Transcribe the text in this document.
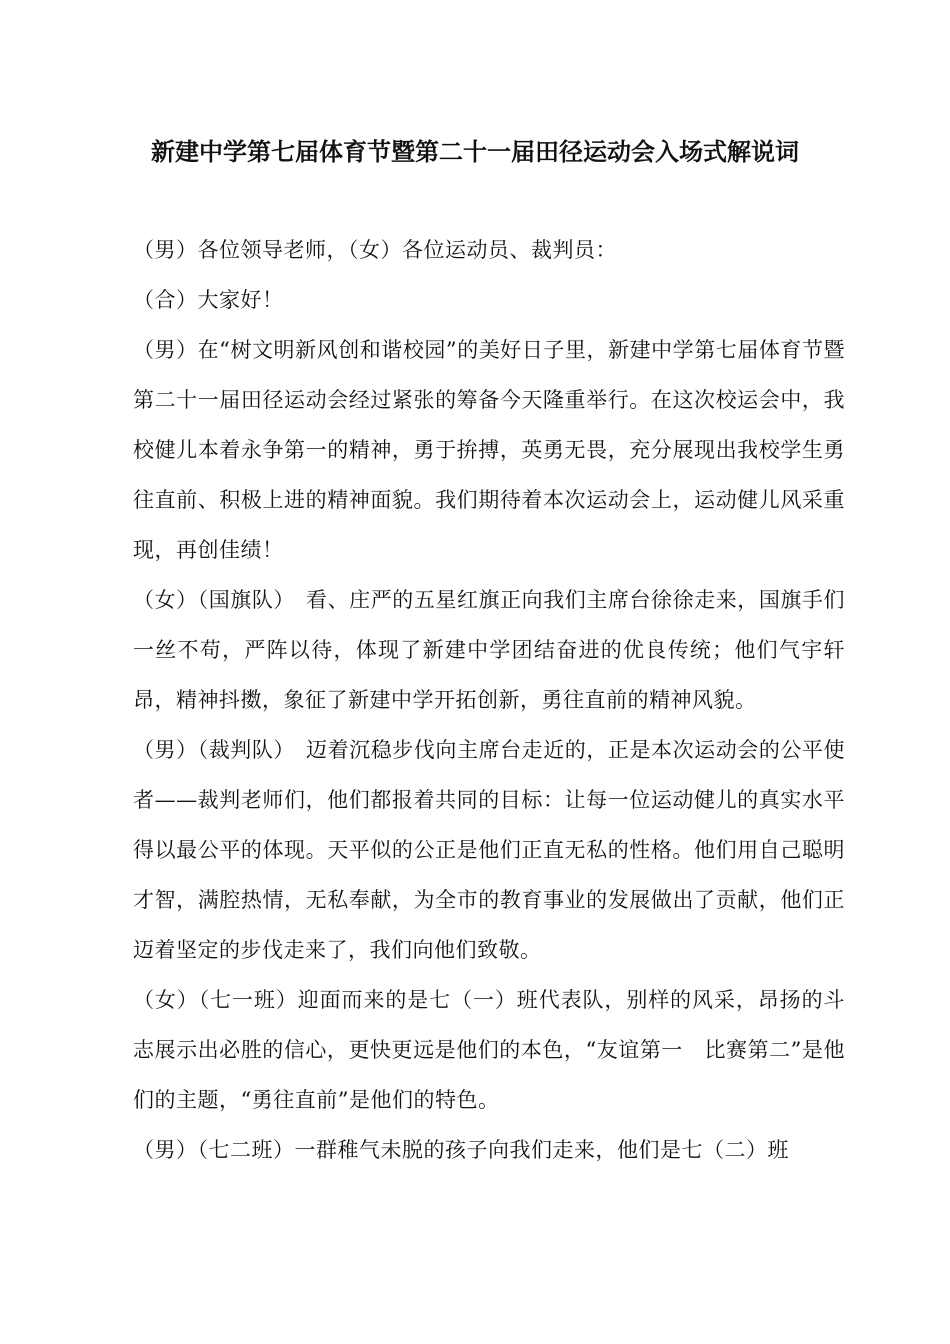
新建中学第七届体育节暨第二十一届田径运动会入场式解说词

（男）各位领导老师，（女）各位运动员、裁判员：

（合）大家好！

（男）在“树文明新风创和谐校园”的美好日子里，新建中学第七届体育节暨第二十一届田径运动会经过紧张的筹备今天隆重举行。在这次校运会中，我校健儿本着永争第一的精神，勇于拚搏，英勇无畏，充分展现出我校学生勇往直前、积极上进的精神面貌。我们期待着本次运动会上，运动健儿风采重现，再创佳绩！

（女）（国旗队）　看、庄严的五星红旗正向我们主席台徐徐走来，国旗手们一丝不苟，严阵以待，体现了新建中学团结奋进的优良传统；他们气宇轩昂，精神抖擞，象征了新建中学开拓创新，勇往直前的精神风貌。

（男）（裁判队）　迈着沉稳步伐向主席台走近的，正是本次运动会的公平使者——裁判老师们，他们都报着共同的目标：让每一位运动健儿的真实水平得以最公平的体现。天平似的公正是他们正直无私的性格。他们用自己聪明才智，满腔热情，无私奉献，为全市的教育事业的发展做出了贡献，他们正迈着坚定的步伐走来了，我们向他们致敬。

（女）（七一班）迎面而来的是七（一）班代表队，别样的风采，昂扬的斗志展示出必胜的信心，更快更远是他们的本色，“友谊第一　比赛第二”是他们的主题，“勇往直前”是他们的特色。

（男）（七二班）一群稚气未脱的孩子向我们走来，他们是七（二）班
